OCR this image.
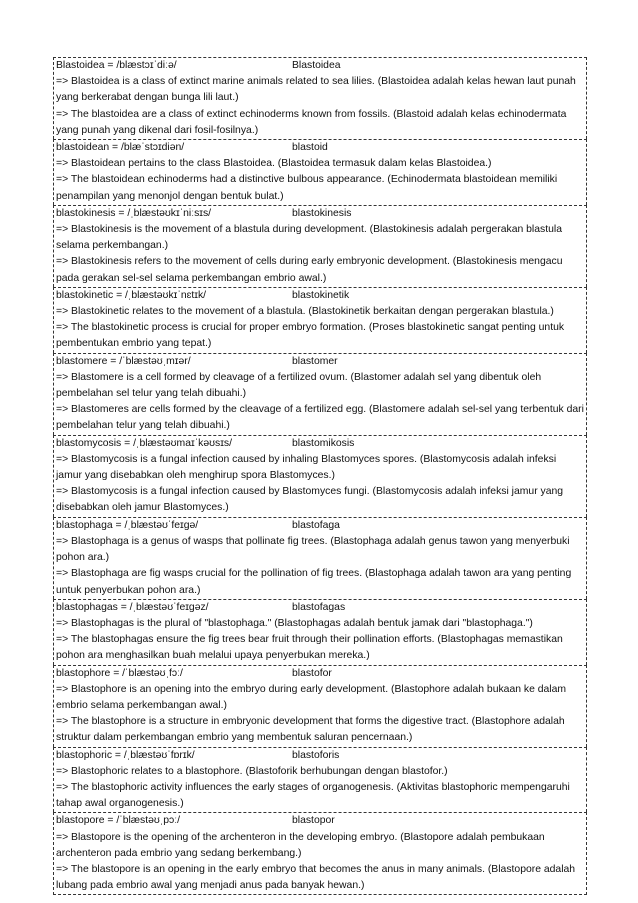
Blastoidea = /blæstɔɪˈdiːə/	Blastoidea
=> Blastoidea is a class of extinct marine animals related to sea lilies. (Blastoidea adalah kelas hewan laut punah yang berkerabat dengan bunga lili laut.)
=> The blastoidea are a class of extinct echinoderms known from fossils. (Blastoid adalah kelas echinodermata yang punah yang dikenal dari fosil-fosilnya.)
blastoidean = /blæˈstɔɪdiən/	blastoid
=> Blastoidean pertains to the class Blastoidea. (Blastoidea termasuk dalam kelas Blastoidea.)
=> The blastoidean echinoderms had a distinctive bulbous appearance. (Echinodermata blastoidean memiliki penampilan yang menonjol dengan bentuk bulat.)
blastokinesis = /ˌblæstəʊkɪˈniːsɪs/	blastokinesis
=> Blastokinesis is the movement of a blastula during development. (Blastokinesis adalah pergerakan blastula selama perkembangan.)
=> Blastokinesis refers to the movement of cells during early embryonic development. (Blastokinesis mengacu pada gerakan sel-sel selama perkembangan embrio awal.)
blastokinetic = /ˌblæstəʊkɪˈnɛtɪk/	blastokinetik
=> Blastokinetic relates to the movement of a blastula. (Blastokinetik berkaitan dengan pergerakan blastula.)
=> The blastokinetic process is crucial for proper embryo formation. (Proses blastokinetic sangat penting untuk pembentukan embrio yang tepat.)
blastomere = /ˈblæstəʊˌmɪər/	blastomer
=> Blastomere is a cell formed by cleavage of a fertilized ovum. (Blastomer adalah sel yang dibentuk oleh pembelahan sel telur yang telah dibuahi.)
=> Blastomeres are cells formed by the cleavage of a fertilized egg. (Blastomere adalah sel-sel yang terbentuk dari pembelahan telur yang telah dibuahi.)
blastomycosis = /ˌblæstəʊmaɪˈkəʊsɪs/	blastomikosis
=> Blastomycosis is a fungal infection caused by inhaling Blastomyces spores. (Blastomycosis adalah infeksi jamur yang disebabkan oleh menghirup spora Blastomyces.)
=> Blastomycosis is a fungal infection caused by Blastomyces fungi. (Blastomycosis adalah infeksi jamur yang disebabkan oleh jamur Blastomyces.)
blastophaga = /ˌblæstəʊˈfeɪɡə/	blastofaga
=> Blastophaga is a genus of wasps that pollinate fig trees. (Blastophaga adalah genus tawon yang menyerbuki pohon ara.)
=> Blastophaga are fig wasps crucial for the pollination of fig trees. (Blastophaga adalah tawon ara yang penting untuk penyerbukan pohon ara.)
blastophagas = /ˌblæstəʊˈfeɪɡəz/	blastofagas
=> Blastophagas is the plural of "blastophaga." (Blastophagas adalah bentuk jamak dari "blastophaga.")
=> The blastophagas ensure the fig trees bear fruit through their pollination efforts. (Blastophagas memastikan pohon ara menghasilkan buah melalui upaya penyerbukan mereka.)
blastophore = /ˈblæstəʊˌfɔː/	blastofor
=> Blastophore is an opening into the embryo during early development. (Blastophore adalah bukaan ke dalam embrio selama perkembangan awal.)
=> The blastophore is a structure in embryonic development that forms the digestive tract. (Blastophore adalah struktur dalam perkembangan embrio yang membentuk saluran pencernaan.)
blastophoric = /ˌblæstəʊˈfɒrɪk/	blastoforis
=> Blastophoric relates to a blastophore. (Blastoforik berhubungan dengan blastofor.)
=> The blastophoric activity influences the early stages of organogenesis. (Aktivitas blastophoric mempengaruhi tahap awal organogenesis.)
blastopore = /ˈblæstəʊˌpɔː/	blastopor
=> Blastopore is the opening of the archenteron in the developing embryo. (Blastopore adalah pembukaan archenteron pada embrio yang sedang berkembang.)
=> The blastopore is an opening in the early embryo that becomes the anus in many animals. (Blastopore adalah lubang pada embrio awal yang menjadi anus pada banyak hewan.)
